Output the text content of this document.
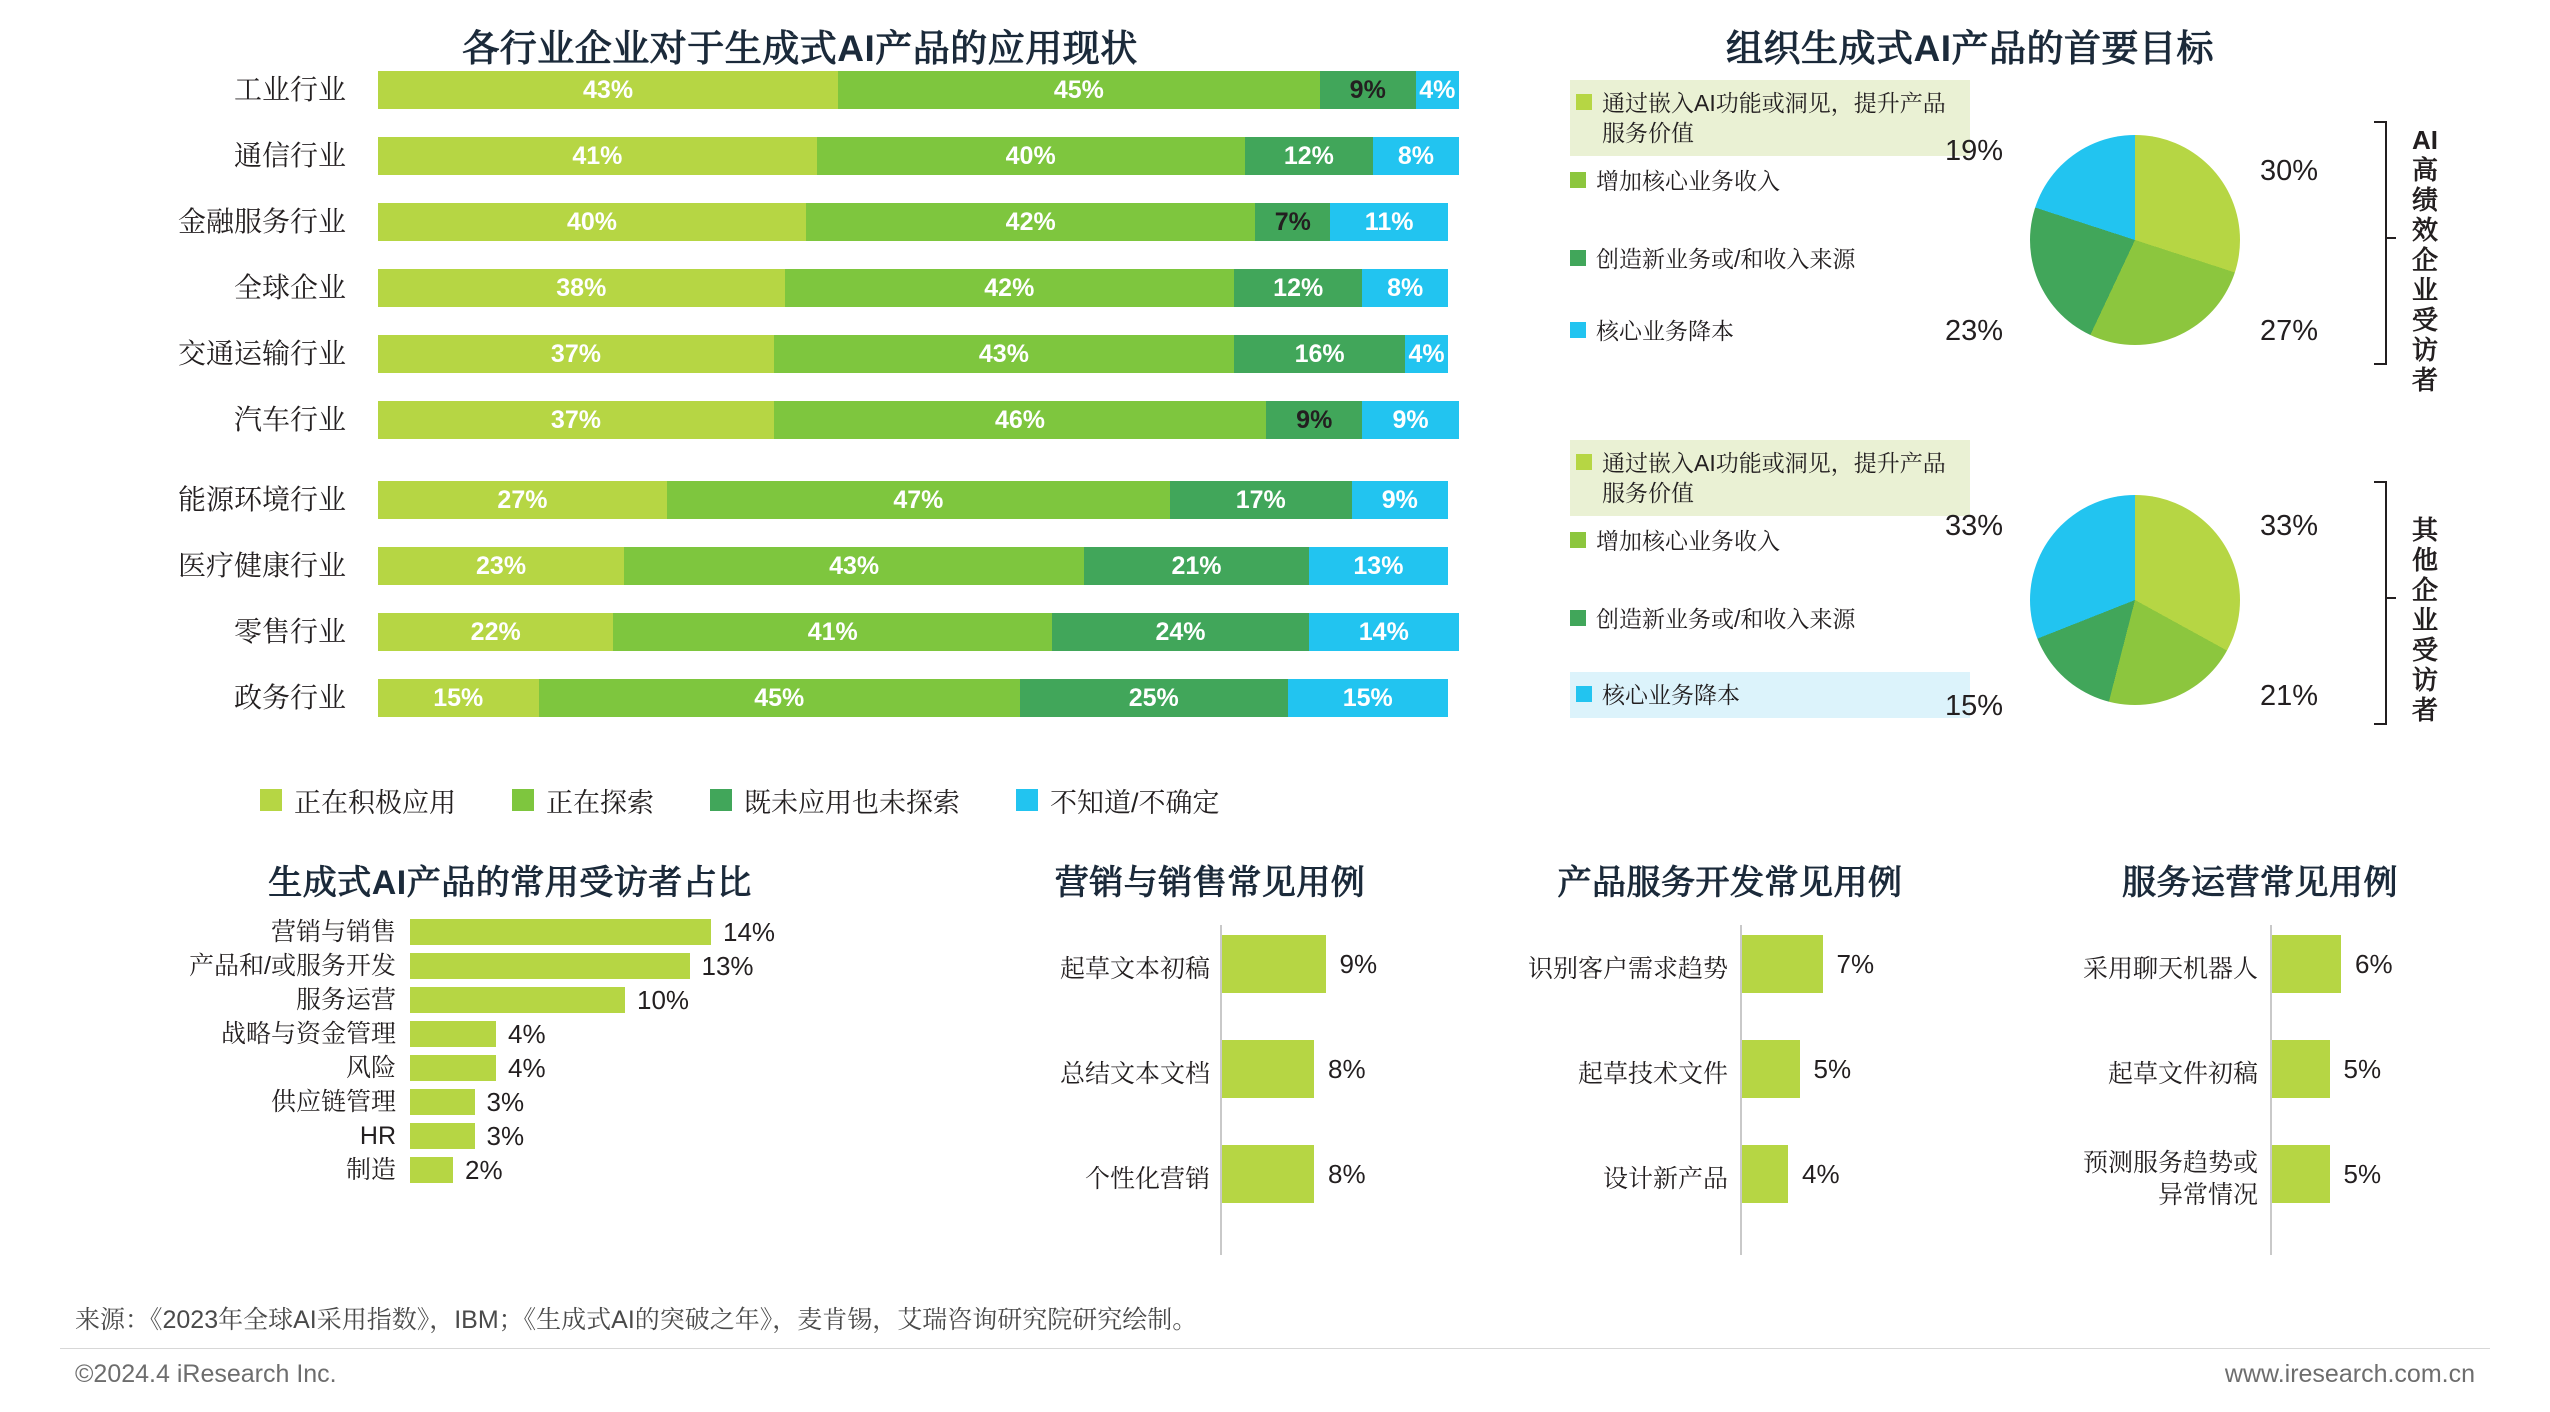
各行业企业对于生成式AI产品的应用现状
工业行业	43%	45%	9%	4%
通信行业	41%	40%	12%	8%
金融服务行业	40%	42%	7%	11%
全球企业	38%	42%	12%	8%
交通运输行业	37%	43%	16%	4%
汽车行业	37%	46%	9%	9%
能源环境行业	27%	47%	17%	9%
医疗健康行业	23%	43%	21%	13%
零售行业	22%	41%	24%	14%
政务行业	15%	45%	25%	15%
正在积极应用	正在探索	既未应用也未探索	不知道/不确定
组织生成式AI产品的首要目标
通过嵌入AI功能或洞见，提升产品服务价值
增加核心业务收入
创造新业务或/和收入来源
核心业务降本
30%
27%
23%
19%	AI 高绩效企业受访者
通过嵌入AI功能或洞见，提升产品服务价值
增加核心业务收入
创造新业务或/和收入来源
核心业务降本
33%
21%
15%
33%	其他企业受访者
生成式AI产品的常用受访者占比
营销与销售	14%
产品和/或服务开发	13%
服务运营	10%
战略与资金管理	4%
风险	4%
供应链管理	3%
HR	3%
制造	2%
营销与销售常见用例
起草文本初稿	9%
总结文本文档	8%
个性化营销	8%
产品服务开发常见用例
识别客户需求趋势	7%
起草技术文件	5%
设计新产品	4%
服务运营常见用例
采用聊天机器人	6%
起草文件初稿	5%
预测服务趋势或
异常情况
5%
来源：《2023年全球AI采用指数》，IBM；《生成式AI的突破之年》，麦肯锡，艾瑞咨询研究院研究绘制。
©2024.4 iResearch Inc.	www.iresearch.com.cn
